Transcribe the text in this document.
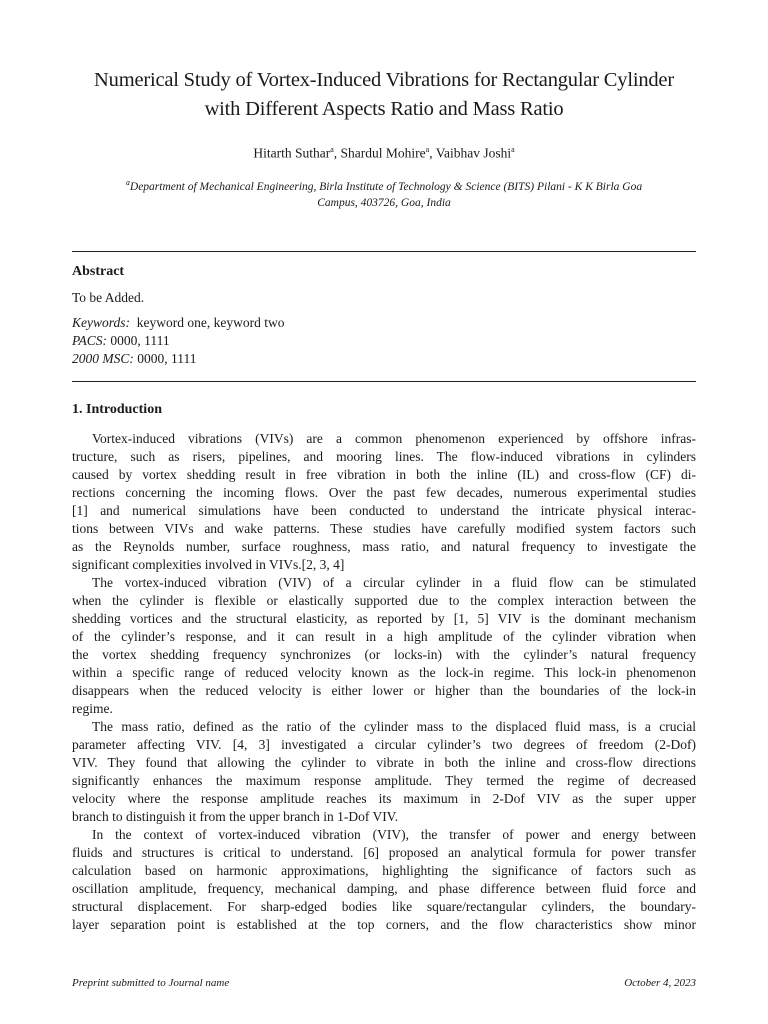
Numerical Study of Vortex-Induced Vibrations for Rectangular Cylinder
with Different Aspects Ratio and Mass Ratio
Hitarth Suthar$^a$, Shardul Mohire$^a$, Vaibhav Joshi$^a$
$^a$Department of Mechanical Engineering, Birla Institute of Technology & Science (BITS) Pilani - K K Birla Goa
Campus, 403726, Goa, India
Abstract
To be Added.
Keywords: keyword one, keyword two
PACS: 0000, 1111
2000 MSC: 0000, 1111
1. Introduction
Vortex-induced vibrations (VIVs) are a common phenomenon experienced by offshore infras-
tructure, such as risers, pipelines, and mooring lines. The flow-induced vibrations in cylinders
caused by vortex shedding result in free vibration in both the inline (IL) and cross-flow (CF) di-
rections concerning the incoming flows. Over the past few decades, numerous experimental studies
[1] and numerical simulations have been conducted to understand the intricate physical interac-
tions between VIVs and wake patterns. These studies have carefully modified system factors such
as the Reynolds number, surface roughness, mass ratio, and natural frequency to investigate the
significant complexities involved in VIVs.[2, 3, 4]
The vortex-induced vibration (VIV) of a circular cylinder in a fluid flow can be stimulated
when the cylinder is flexible or elastically supported due to the complex interaction between the
shedding vortices and the structural elasticity, as reported by [1, 5] VIV is the dominant mechanism
of the cylinder’s response, and it can result in a high amplitude of the cylinder vibration when
the vortex shedding frequency synchronizes (or locks-in) with the cylinder’s natural frequency
within a specific range of reduced velocity known as the lock-in regime. This lock-in phenomenon
disappears when the reduced velocity is either lower or higher than the boundaries of the lock-in
regime.
The mass ratio, defined as the ratio of the cylinder mass to the displaced fluid mass, is a crucial
parameter affecting VIV. [4, 3] investigated a circular cylinder’s two degrees of freedom (2-Dof)
VIV. They found that allowing the cylinder to vibrate in both the inline and cross-flow directions
significantly enhances the maximum response amplitude. They termed the regime of decreased
velocity where the response amplitude reaches its maximum in 2-Dof VIV as the super upper
branch to distinguish it from the upper branch in 1-Dof VIV.
In the context of vortex-induced vibration (VIV), the transfer of power and energy between
fluids and structures is critical to understand. [6] proposed an analytical formula for power transfer
calculation based on harmonic approximations, highlighting the significance of factors such as
oscillation amplitude, frequency, mechanical damping, and phase difference between fluid force and
structural displacement. For sharp-edged bodies like square/rectangular cylinders, the boundary-
layer separation point is established at the top corners, and the flow characteristics show minor
Preprint submitted to Journal name	October 4, 2023
